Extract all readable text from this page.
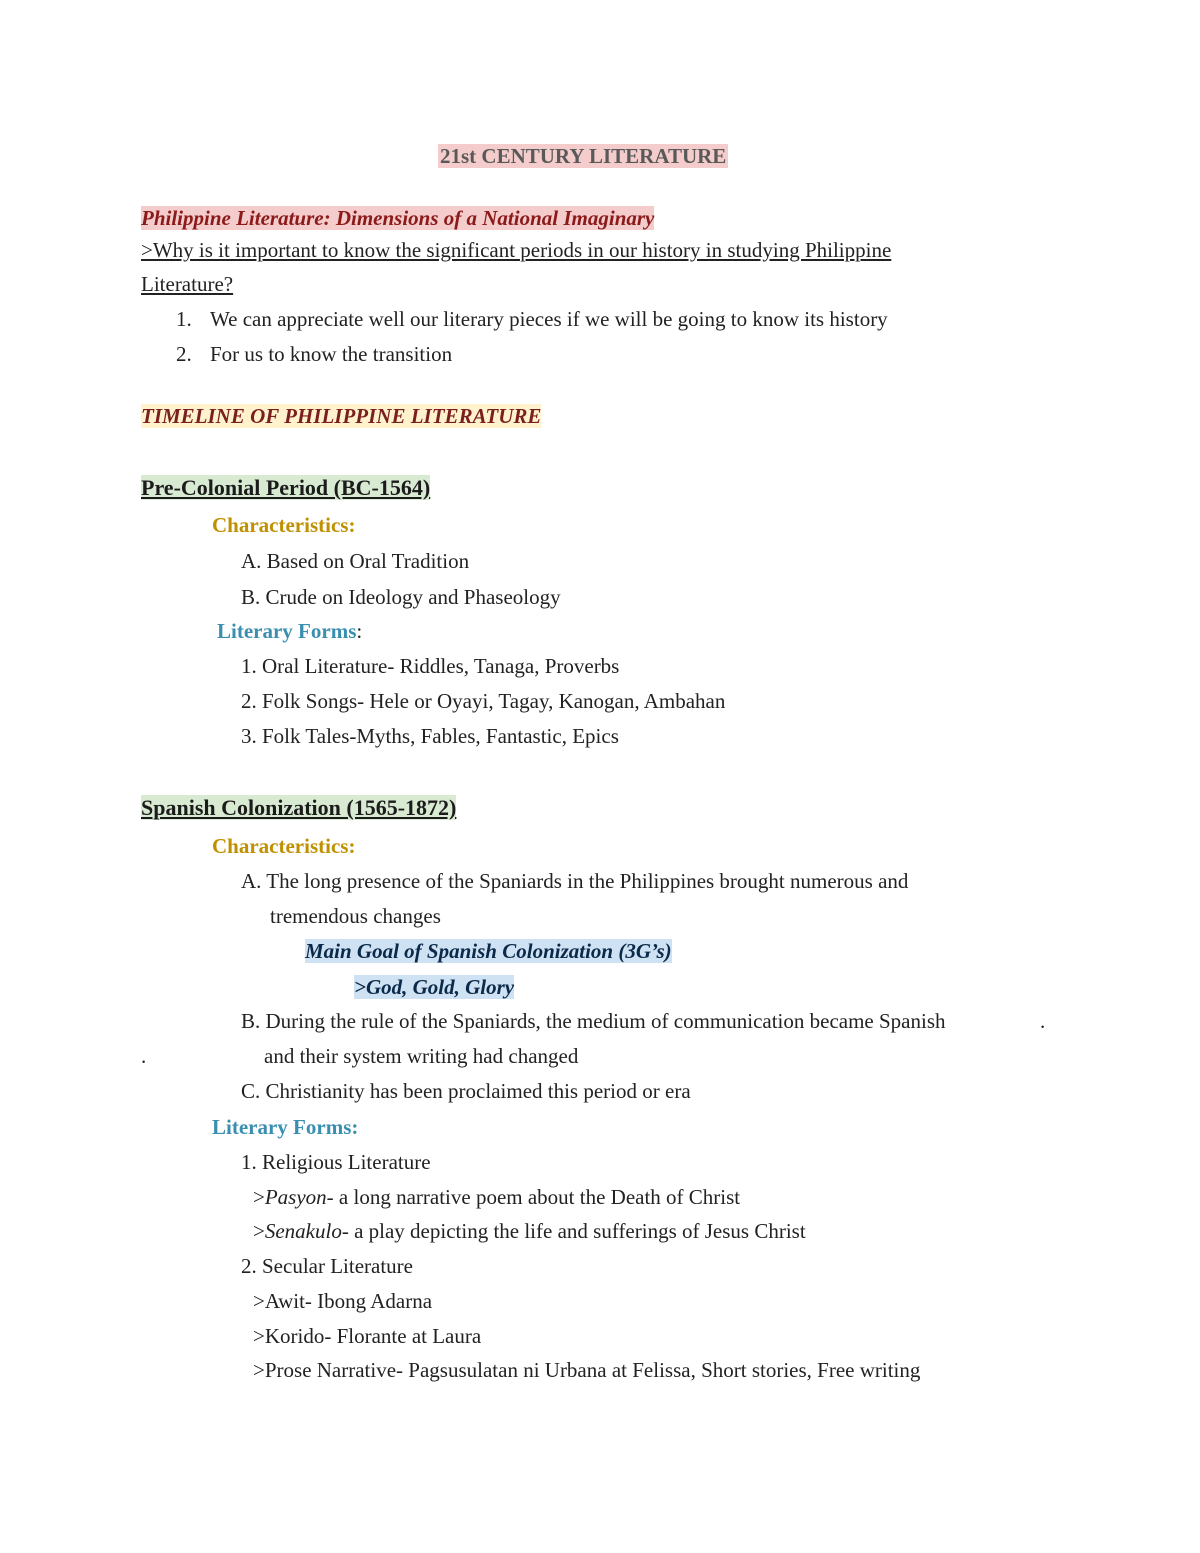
21st CENTURY LITERATURE
Philippine Literature: Dimensions of a National Imaginary
>Why is it important to know the significant periods in our history in studying Philippine
Literature?
1. We can appreciate well our literary pieces if we will be going to know its history
2. For us to know the transition
TIMELINE OF PHILIPPINE LITERATURE
Pre-Colonial Period (BC-1564)
Characteristics:
A. Based on Oral Tradition
B. Crude on Ideology and Phaseology
Literary Forms:
1. Oral Literature- Riddles, Tanaga, Proverbs
2. Folk Songs- Hele or Oyayi, Tagay, Kanogan, Ambahan
3. Folk Tales-Myths, Fables, Fantastic, Epics
Spanish Colonization (1565-1872)
Characteristics:
A. The long presence of the Spaniards in the Philippines brought numerous and
tremendous changes
Main Goal of Spanish Colonization (3G’s)
>God, Gold, Glory
B. During the rule of the Spaniards, the medium of communication became Spanish	.
.	and their system writing had changed
C. Christianity has been proclaimed this period or era
Literary Forms:
1. Religious Literature
>Pasyon- a long narrative poem about the Death of Christ
>Senakulo- a play depicting the life and sufferings of Jesus Christ
2. Secular Literature
>Awit- Ibong Adarna
>Korido- Florante at Laura
>Prose Narrative- Pagsusulatan ni Urbana at Felissa, Short stories, Free writing
